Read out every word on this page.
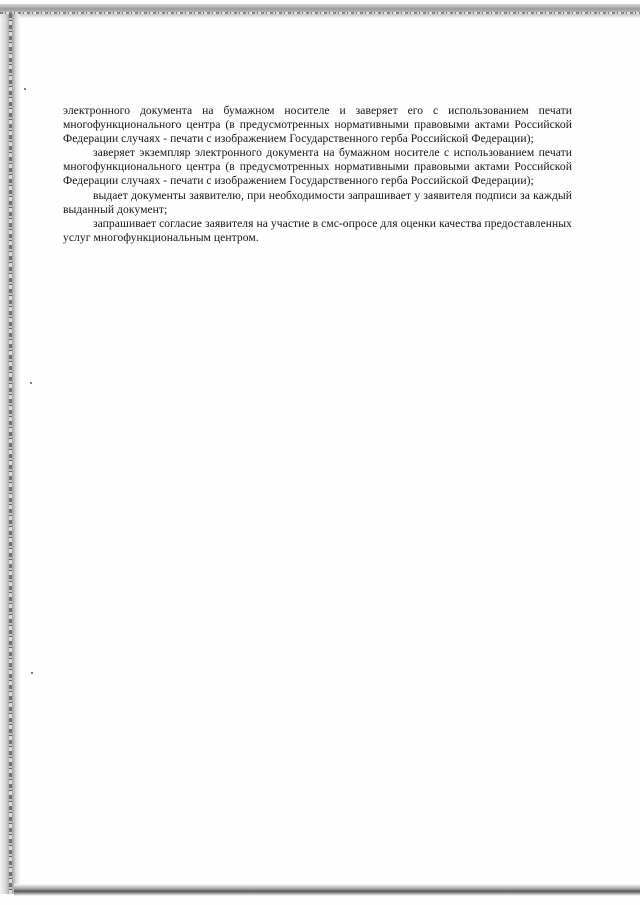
электронного документа на бумажном носителе и заверяет его с использованием печати многофункционального центра (в предусмотренных нормативными правовыми актами Российской Федерации случаях - печати с изображением Государственного герба Российской Федерации);

заверяет экземпляр электронного документа на бумажном носителе с использованием печати многофункционального центра (в предусмотренных нормативными правовыми актами Российской Федерации случаях - печати с изображением Государственного герба Российской Федерации);

выдает документы заявителю, при необходимости запрашивает у заявителя подписи за каждый выданный документ;

запрашивает согласие заявителя на участие в смс-опросе для оценки качества предоставленных услуг многофункциональным центром.
